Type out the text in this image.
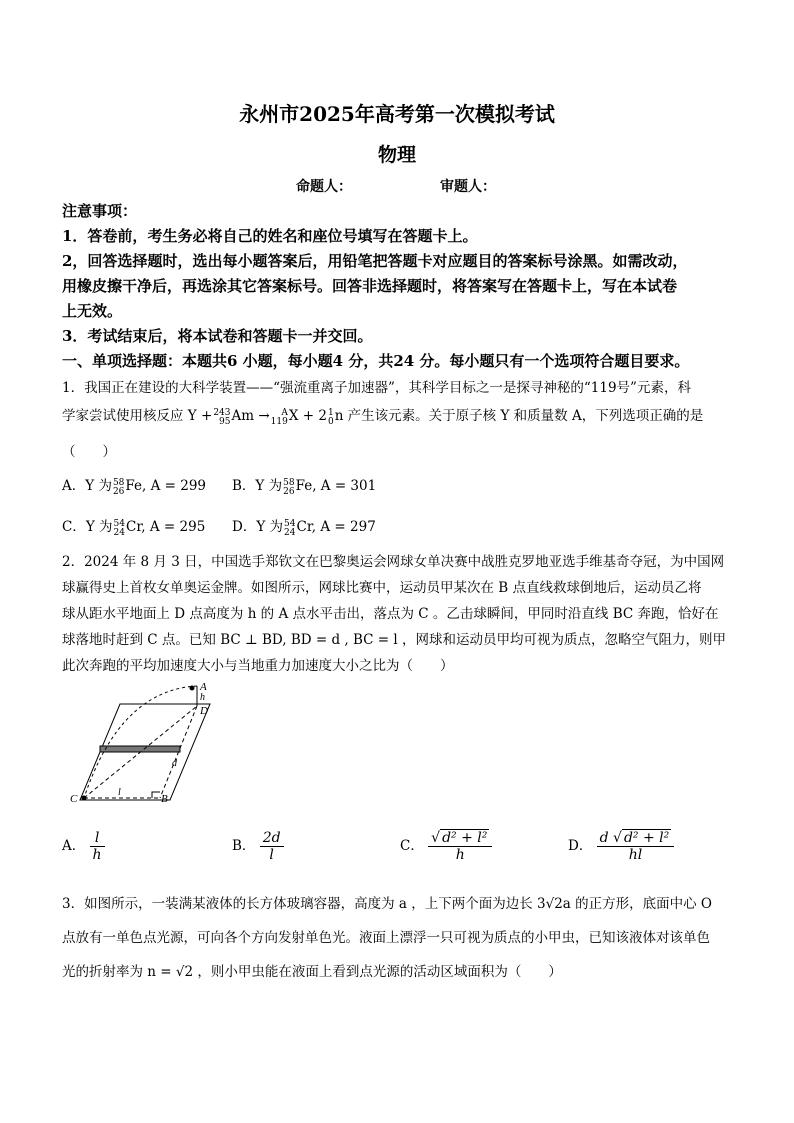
永州市2025年高考第一次模拟考试
物理
命题人：	审题人：
注意事项：
1．答卷前，考生务必将自己的姓名和座位号填写在答题卡上。
2，回答选择题时，选出每小题答案后，用铅笔把答题卡对应题目的答案标号涂黑。如需改动，
用橡皮擦干净后，再选涂其它答案标号。回答非选择题时，将答案写在答题卡上，写在本试卷
上无效。
3．考试结束后，将本试卷和答题卡一并交回。
一、单项选择题：本题共6 小题，每小题4 分，共24 分。每小题只有一个选项符合题目要求。
1．我国正在建设的大科学装置——“强流重离子加速器”，其科学目标之一是探寻神秘的“119号”元素，科
学家尝试使用核反应 Y +243
95Am → A
119X + 21
0n 产生该元素。关于原子核 Y 和质量数 A，下列选项正确的是
（　　）
A．Y 为58
26Fe, A = 299 B．Y 为58
26Fe, A = 301
C．Y 为54
24Cr, A = 295 D．Y 为54
24Cr, A = 297
2．2024 年 8 月 3 日，中国选手郑钦文在巴黎奥运会网球女单决赛中战胜克罗地亚选手维基奇夺冠，为中国网
球赢得史上首枚女单奥运金牌。如图所示，网球比赛中，运动员甲某次在 B 点直线救球倒地后，运动员乙将
球从距水平地面上 D 点高度为 h 的 A 点水平击出，落点为 C 。乙击球瞬间，甲同时沿直线 BC 奔跑，恰好在
球落地时赶到 C 点。已知 BC ⊥ BD, BD = d , BC = l ，网球和运动员甲均可视为质点，忽略空气阻力，则甲
此次奔跑的平均加速度大小与当地重力加速度大小之比为（　　）
A
h
D
d
C
l
B
A． $\frac{l}{h}$	B． $\frac{2d}{l}$	C． $\frac{\text{√ d² + l²}}{h}$	D． $\frac{\text{d √ d² + l²}}{hl}$
3．如图所示，一装满某液体的长方体玻璃容器，高度为 a ，上下两个面为边长 3√2a 的正方形，底面中心 O
点放有一单色点光源，可向各个方向发射单色光。液面上漂浮一只可视为质点的小甲虫，已知该液体对该单色
光的折射率为 n = √2 ，则小甲虫能在液面上看到点光源的活动区域面积为（　　）
